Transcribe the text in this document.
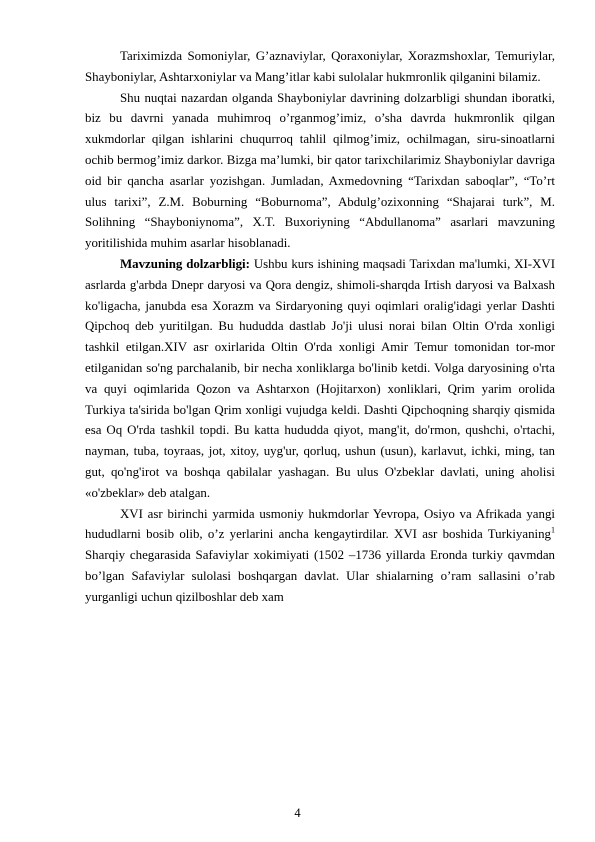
Tariximizda Somoniylar, G’aznaviylar, Qoraxoniylar, Xorazmshoxlar, Temuriylar, Shayboniylar, Ashtarxoniylar va Mang’itlar kabi sulolalar hukmronlik qilganini bilamiz.

Shu nuqtai nazardan olganda Shayboniylar davrining dolzarbligi shundan iboratki, biz bu davrni yanada muhimroq o’rganmog’imiz, o’sha davrda hukmronlik qilgan xukmdorlar qilgan ishlarini chuqurroq tahlil qilmog’imiz, ochilmagan, siru-sinoatlarni ochib bermog’imiz darkor. Bizga maʼlumki, bir qator tarixchilarimiz Shayboniylar davriga oid bir qancha asarlar yozishgan. Jumladan, Axmedovning “Tarixdan saboqlar”, “To’rt ulus tarixi”, Z.M. Boburning “Boburnoma”, Abdulg’ozixonning “Shajarai turk”, M. Solihning “Shayboniynoma”, X.T. Buxoriyning “Abdullanoma” asarlari mavzuning yoritilishida muhim asarlar hisoblanadi.

Mavzuning dolzarbligi: Ushbu kurs ishining maqsadi Tarixdan ma'lumki, XI-XVI asrlarda g'arbda Dnepr daryosi va Qora dengiz, shimoli-sharqda Irtish daryosi va Balxash ko'ligacha, janubda esa Xorazm va Sirdaryoning quyi oqimlari oralig'idagi yerlar Dashti Qipchoq deb yuritilgan. Bu hududda dastlab Jo'ji ulusi norai bilan Oltin O'rda xonligi tashkil etilgan.XIV asr oxirlarida Oltin O'rda xonligi Amir Temur tomonidan tor-mor etilganidan so'ng parchalanib, bir necha xonliklarga bo'linib ketdi. Volga daryosining o'rta va quyi oqimlarida Qozon va Ashtarxon (Hojitarxon) xonliklari, Qrim yarim orolida Turkiya ta'sirida bo'lgan Qrim xonligi vujudga keldi. Dashti Qipchoqning sharqiy qismida esa Oq O'rda tashkil topdi. Bu katta hududda qiyot, mang'it, do'rmon, qushchi, o'rtachi, nayman, tuba, toyraas, jot, xitoy, uyg'ur, qorluq, ushun (usun), karlavut, ichki, ming, tan gut, qo'ng'irot va boshqa qabilalar yashagan. Bu ulus O'zbeklar davlati, uning aholisi «o'zbeklar» deb atalgan.

XVI asr birinchi yarmida usmoniy hukmdorlar Yevropa, Osiyo va Afrikada yangi hududlarni bosib olib, o’z yerlarini ancha kengaytirdilar. XVI asr boshida Turkiyaning$^1$ Sharqiy chegarasida Safaviylar xokimiyati (1502 –1736 yillarda Eronda turkiy qavmdan bo’lgan Safaviylar sulolasi boshqargan davlat. Ular shialarning o’ram sallasini o’rab yurganligi uchun qizilboshlar deb xam

4
